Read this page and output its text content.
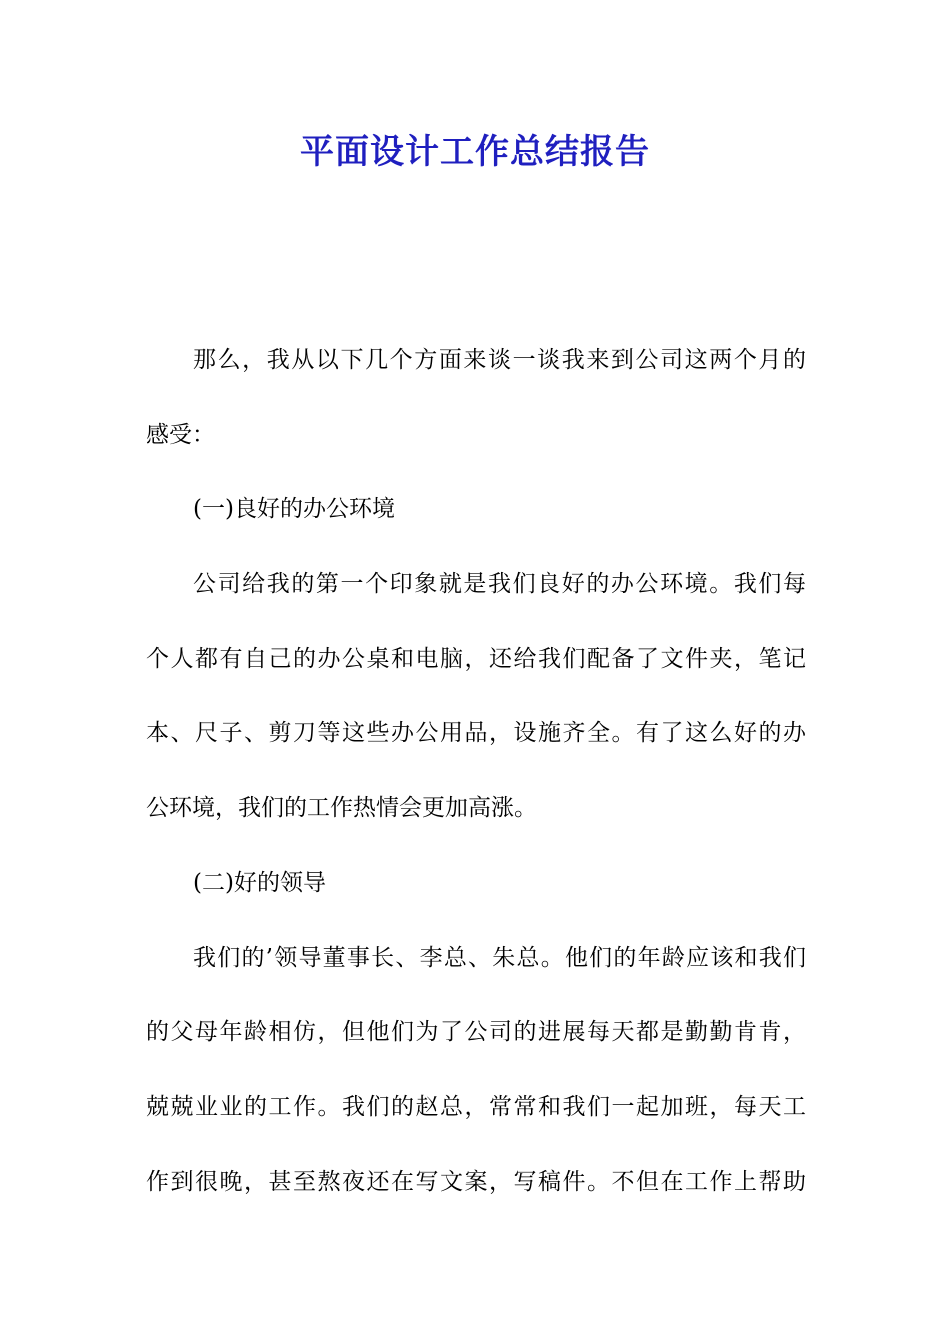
平面设计工作总结报告
那么，我从以下几个方面来谈一谈我来到公司这两个月的
感受：
(一)良好的办公环境
公司给我的第一个印象就是我们良好的办公环境。我们每
个人都有自己的办公桌和电脑，还给我们配备了文件夹，笔记
本、尺子、剪刀等这些办公用品，设施齐全。有了这么好的办
公环境，我们的工作热情会更加高涨。
(二)好的领导
我们的’领导董事长、李总、朱总。他们的年龄应该和我们
的父母年龄相仿，但他们为了公司的进展每天都是勤勤肯肯，
兢兢业业的工作。我们的赵总，常常和我们一起加班，每天工
作到很晚，甚至熬夜还在写文案，写稿件。不但在工作上帮助
